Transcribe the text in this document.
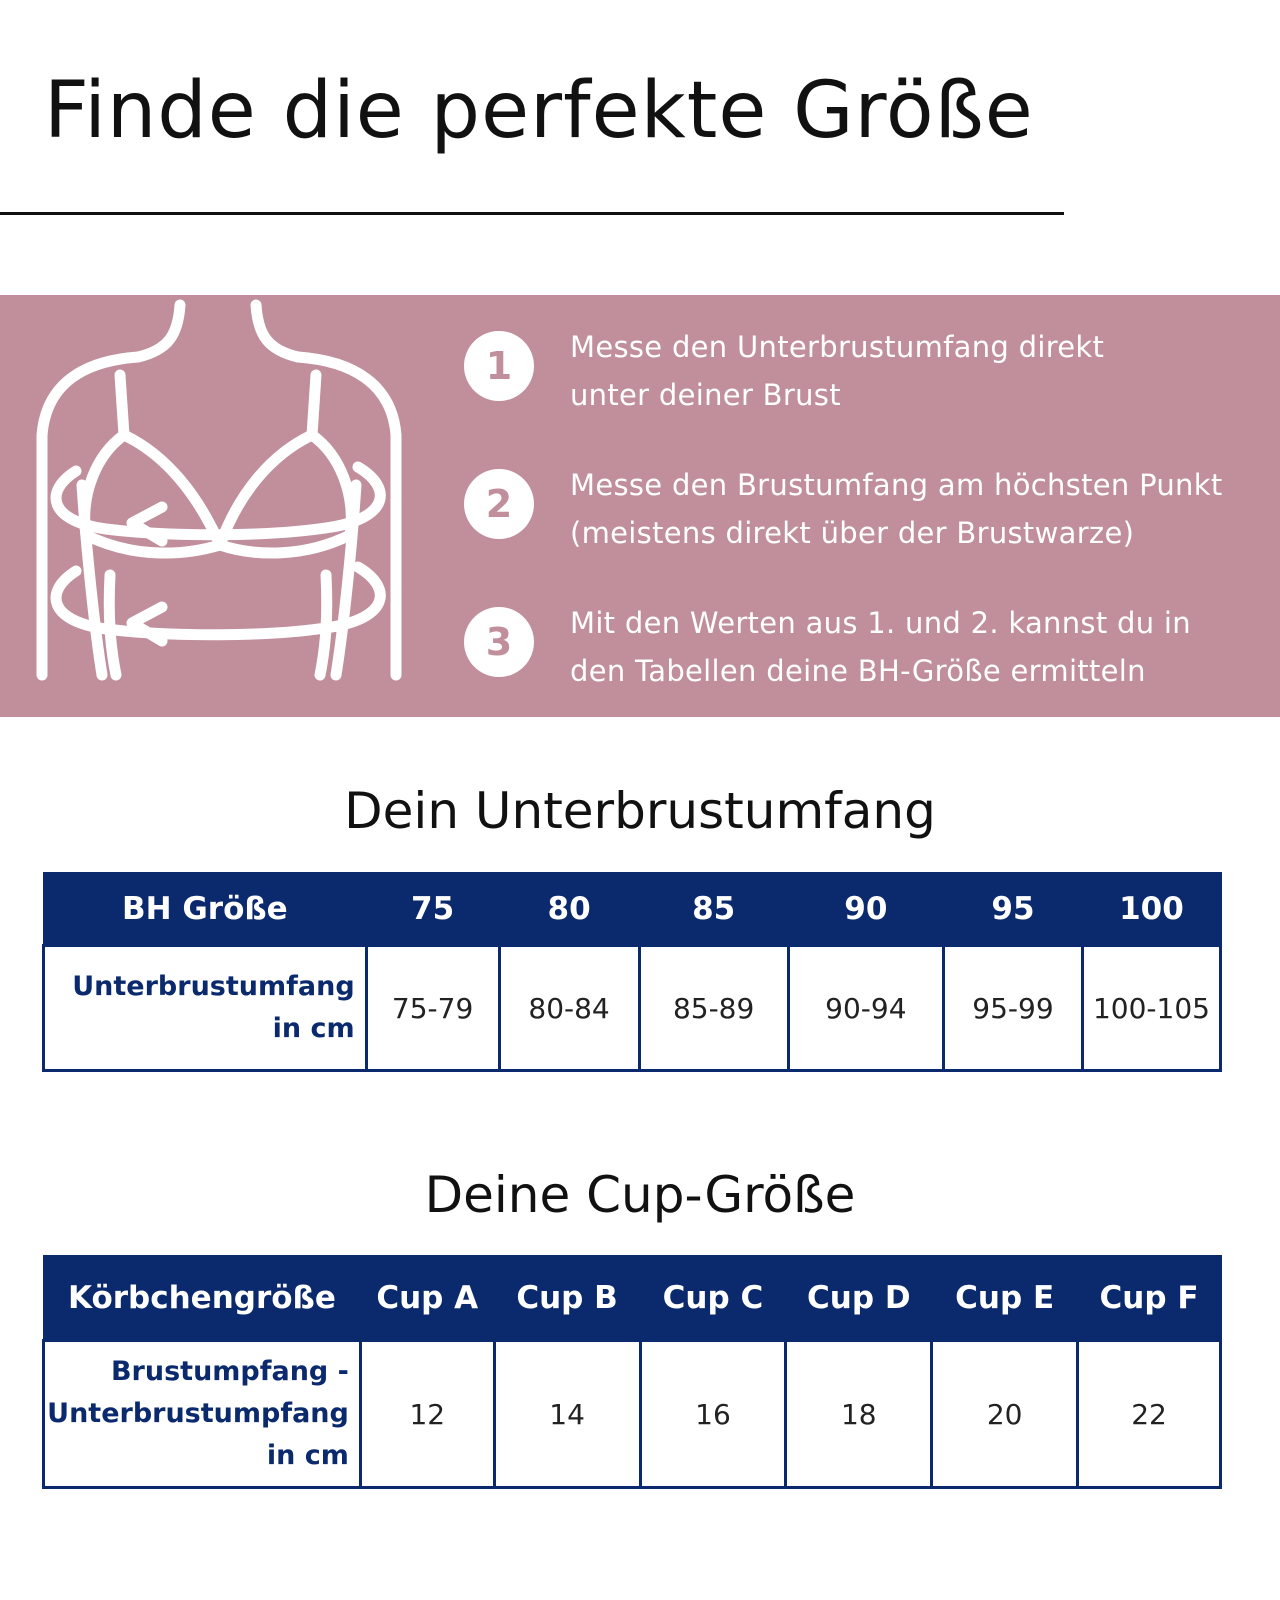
Finde die perfekte Größe
1	Messe den Unterbrustumfang direkt
unter deiner Brust

2	Messe den Brustumfang am höchsten Punkt
(meistens direkt über der Brustwarze)

3	Mit den Werten aus 1. und 2. kannst du in
den Tabellen deine BH-Größe ermitteln

Dein Unterbrustumfang
BH Größe	75	80	85	90	95	100
Unterbrustumfang
in cm	75-79	80-84	85-89	90-94	95-99	100-105
Deine Cup-Größe
Körbchengröße	Cup A	Cup B	Cup C	Cup D	Cup E	Cup F
Brustumpfang -
Unterbrustumpfang
in cm	12	14	16	18	20	22
